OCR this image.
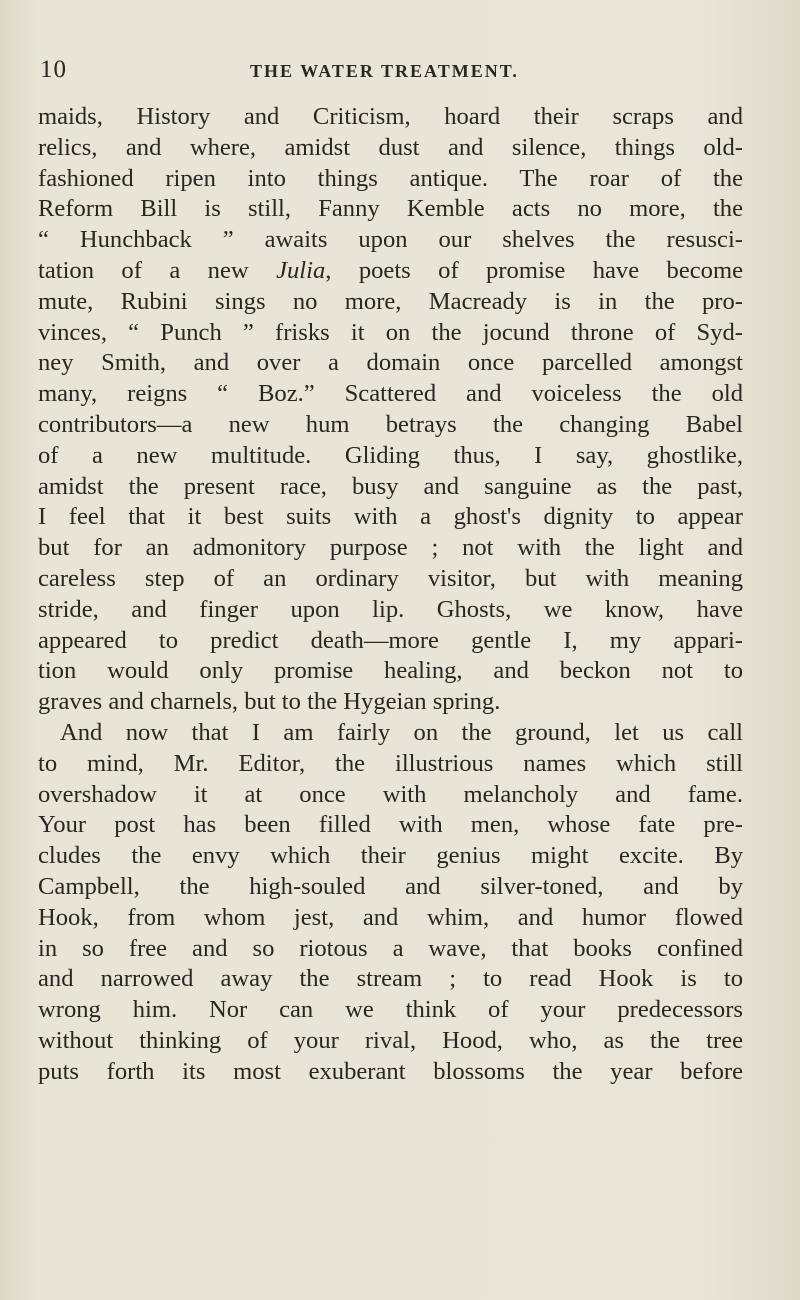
10	THE WATER TREATMENT.
maids, History and Criticism, hoard their scraps and
relics, and where, amidst dust and silence, things old-
fashioned ripen into things antique. The roar of the
Reform Bill is still, Fanny Kemble acts no more, the
“ Hunchback ” awaits upon our shelves the resusci-
tation of a new Julia, poets of promise have become
mute, Rubini sings no more, Macready is in the pro-
vinces, “ Punch ” frisks it on the jocund throne of Syd-
ney Smith, and over a domain once parcelled amongst
many, reigns “ Boz.” Scattered and voiceless the old
contributors—a new hum betrays the changing Babel
of a new multitude. Gliding thus, I say, ghostlike,
amidst the present race, busy and sanguine as the past,
I feel that it best suits with a ghost's dignity to appear
but for an admonitory purpose ; not with the light and
careless step of an ordinary visitor, but with meaning
stride, and finger upon lip. Ghosts, we know, have
appeared to predict death—more gentle I, my appari-
tion would only promise healing, and beckon not to
graves and charnels, but to the Hygeian spring.
And now that I am fairly on the ground, let us call
to mind, Mr. Editor, the illustrious names which still
overshadow it at once with melancholy and fame.
Your post has been filled with men, whose fate pre-
cludes the envy which their genius might excite. By
Campbell, the high-souled and silver-toned, and by
Hook, from whom jest, and whim, and humor flowed
in so free and so riotous a wave, that books confined
and narrowed away the stream ; to read Hook is to
wrong him. Nor can we think of your predecessors
without thinking of your rival, Hood, who, as the tree
puts forth its most exuberant blossoms the year before
